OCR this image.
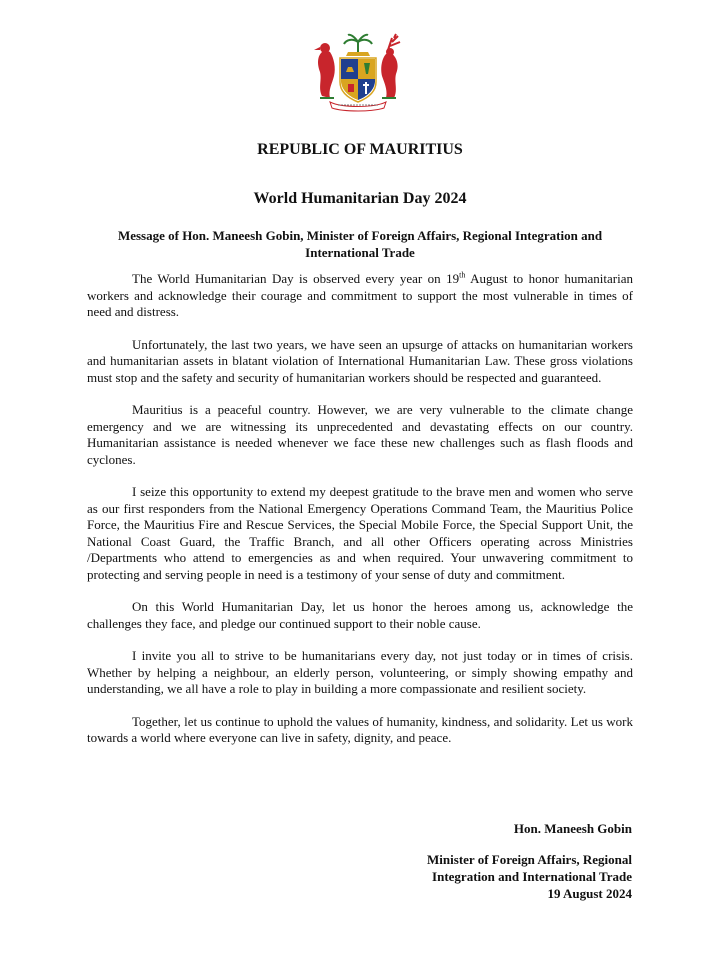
REPUBLIC OF MAURITIUS
World Humanitarian Day 2024
Message of Hon. Maneesh Gobin, Minister of Foreign Affairs, Regional Integration and International Trade

The World Humanitarian Day is observed every year on 19th August to honor humanitarian workers and acknowledge their courage and commitment to support the most vulnerable in times of need and distress.

Unfortunately, the last two years, we have seen an upsurge of attacks on humanitarian workers and humanitarian assets in blatant violation of International Humanitarian Law. These gross violations must stop and the safety and security of humanitarian workers should be respected and guaranteed.

Mauritius is a peaceful country. However, we are very vulnerable to the climate change emergency and we are witnessing its unprecedented and devastating effects on our country. Humanitarian assistance is needed whenever we face these new challenges such as flash floods and cyclones.

I seize this opportunity to extend my deepest gratitude to the brave men and women who serve as our first responders from the National Emergency Operations Command Team, the Mauritius Police Force, the Mauritius Fire and Rescue Services, the Special Mobile Force, the Special Support Unit, the National Coast Guard, the Traffic Branch, and all other Officers operating across Ministries /Departments who attend to emergencies as and when required. Your unwavering commitment to protecting and serving people in need is a testimony of your sense of duty and commitment.

On this World Humanitarian Day, let us honor the heroes among us, acknowledge the challenges they face, and pledge our continued support to their noble cause.

I invite you all to strive to be humanitarians every day, not just today or in times of crisis. Whether by helping a neighbour, an elderly person, volunteering, or simply showing empathy and understanding, we all have a role to play in building a more compassionate and resilient society.

Together, let us continue to uphold the values of humanity, kindness, and solidarity. Let us work towards a world where everyone can live in safety, dignity, and peace.

Hon. Maneesh Gobin
Minister of Foreign Affairs, Regional
Integration and International Trade
19 August 2024
